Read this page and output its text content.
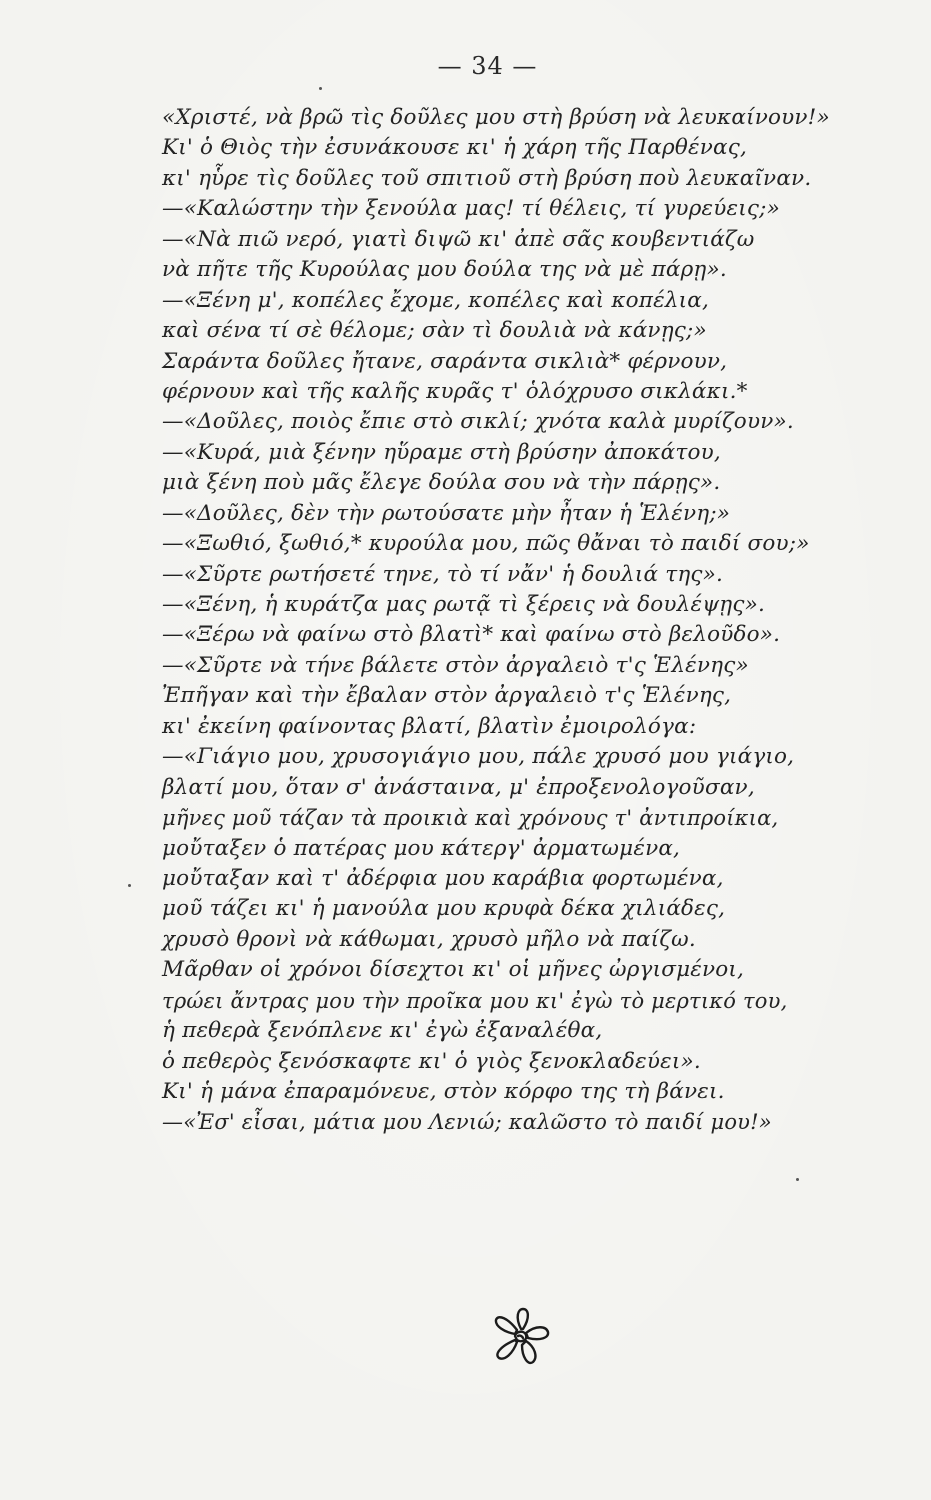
— 34 —
«Χριστέ, νὰ βρῶ τὶς δοῦλες μου στὴ βρύση νὰ λευκαίνουν!»
Κι' ὁ Θιὸς τὴν ἐσυνάκουσε κι' ἡ χάρη τῆς Παρθένας,
κι' ηὗρε τὶς δοῦλες τοῦ σπιτιοῦ στὴ βρύση ποὺ λευκαῖναν.
—«Καλώστην τὴν ξενούλα μας! τί θέλεις, τί γυρεύεις;»
—«Νὰ πιῶ νερό, γιατὶ διψῶ κι' ἀπὲ σᾶς κουβεντιάζω
νὰ πῆτε τῆς Κυρούλας μου δούλα της νὰ μὲ πάρῃ».
—«Ξένη μ', κοπέλες ἔχομε, κοπέλες καὶ κοπέλια,
καὶ σένα τί σὲ θέλομε; σὰν τὶ δουλιὰ νὰ κάνῃς;»
Σαράντα δοῦλες ἤτανε, σαράντα σικλιὰ* φέρνουν,
φέρνουν καὶ τῆς καλῆς κυρᾶς τ' ὁλόχρυσο σικλάκι.*
—«Δοῦλες, ποιὸς ἔπιε στὸ σικλί; χνότα καλὰ μυρίζουν».
—«Κυρά, μιὰ ξένην ηὕραμε στὴ βρύσην ἀποκάτου,
μιὰ ξένη ποὺ μᾶς ἔλεγε δούλα σου νὰ τὴν πάρῃς».
—«Δοῦλες, δὲν τὴν ρωτούσατε μὴν ἦταν ἡ Ἑλένη;»
—«Ξωθιό, ξωθιό,* κυρούλα μου, πῶς θἄναι τὸ παιδί σου;»
—«Σῦρτε ρωτήσετέ τηνε, τὸ τί νἄν' ἡ δουλιά της».
—«Ξένη, ἡ κυράτζα μας ρωτᾷ τὶ ξέρεις νὰ δουλέψῃς».
—«Ξέρω νὰ φαίνω στὸ βλατὶ* καὶ φαίνω στὸ βελοῦδο».
—«Σῦρτε νὰ τήνε βάλετε στὸν ἀργαλειὸ τ'ς Ἑλένης»
Ἐπῆγαν καὶ τὴν ἔβαλαν στὸν ἀργαλειὸ τ'ς Ἑλένης,
κι' ἐκείνη φαίνοντας βλατί, βλατὶν ἐμοιρολόγα:
—«Γιάγιο μου, χρυσογιάγιο μου, πάλε χρυσό μου γιάγιο,
βλατί μου, ὅταν σ' ἀνάσταινα, μ' ἐπροξενολογοῦσαν,
μῆνες μοῦ τάζαν τὰ προικιὰ καὶ χρόνους τ' ἀντιπροίκια,
μοὔταξεν ὁ πατέρας μου κάτεργ' ἀρματωμένα,
μοὔταξαν καὶ τ' ἀδέρφια μου καράβια φορτωμένα,
μοῦ τάζει κι' ἡ μανούλα μου κρυφὰ δέκα χιλιάδες,
χρυσὸ θρονὶ νὰ κάθωμαι, χρυσὸ μῆλο νὰ παίζω.
Μᾶρθαν οἱ χρόνοι δίσεχτοι κι' οἱ μῆνες ὠργισμένοι,
τρώει ἄντρας μου τὴν προῖκα μου κι' ἐγὼ τὸ μερτικό του,
ἡ πεθερὰ ξενόπλενε κι' ἐγὼ ἐξαναλέθα,
ὁ πεθερὸς ξενόσκαφτε κι' ὁ γιὸς ξενοκλαδεύει».
Κι' ἡ μάνα ἐπαραμόνευε, στὸν κόρφο της τὴ βάνει.
—«Ἐσ' εἶσαι, μάτια μου Λενιώ; καλῶστο τὸ παιδί μου!»
